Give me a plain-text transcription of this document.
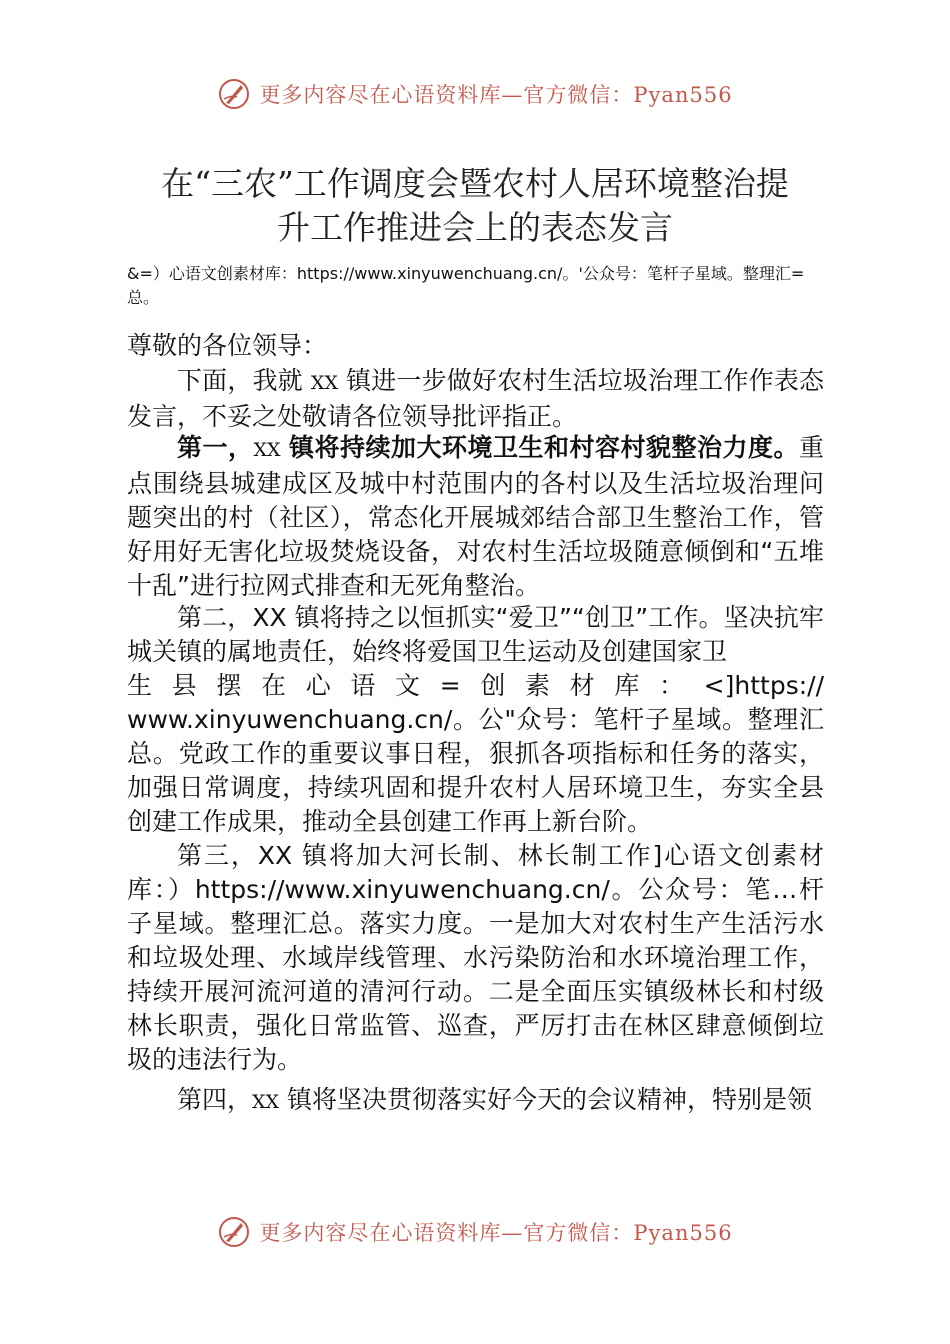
更多内容尽在心语资料库—官方微信：Pyan556
在“三农”工作调度会暨农村人居环境整治提
升工作推进会上的表态发言
&=）心语文创素材库：https://www.xinyuwenchuang.cn/。'公众号：笔杆子星域。整理汇=总。

尊敬的各位领导：

下面，我就 XX 镇进一步做好农村生活垃圾治理工作作表态发言，不妥之处敬请各位领导批评指正。

第一，XX 镇将持续加大环境卫生和村容村貌整治力度。重点围绕县城建成区及城中村范围内的各村以及生活垃圾治理问题突出的村（社区），常态化开展城郊结合部卫生整治工作，管好用好无害化垃圾焚烧设备，对农村生活垃圾随意倾倒和“五堆十乱”进行拉网式排查和无死角整治。

第二，XX 镇将持之以恒抓实“爱卫”“创卫”工作。坚决抗牢城关镇的属地责任，始终将爱国卫生运动及创建国家卫

生县摆在心语文=创素材库：<]https://

www.xinyuwenchuang.cn/。公"众号：笔杆子星域。整理汇总。党政工作的重要议事日程，狠抓各项指标和任务的落实，加强日常调度，持续巩固和提升农村人居环境卫生，夯实全县创建工作成果，推动全县创建工作再上新台阶。

第三，XX 镇将加大河长制、林长制工作]心语文创素材库：）https://www.xinyuwenchuang.cn/。公众号：笔…杆子星域。整理汇总。落实力度。一是加大对农村生产生活污水和垃圾处理、水域岸线管理、水污染防治和水环境治理工作，持续开展河流河道的清河行动。二是全面压实镇级林长和村级林长职责，强化日常监管、巡查，严厉打击在林区肆意倾倒垃圾的违法行为。

第四，XX 镇将坚决贯彻落实好今天的会议精神，特别是领

更多内容尽在心语资料库—官方微信：Pyan556
